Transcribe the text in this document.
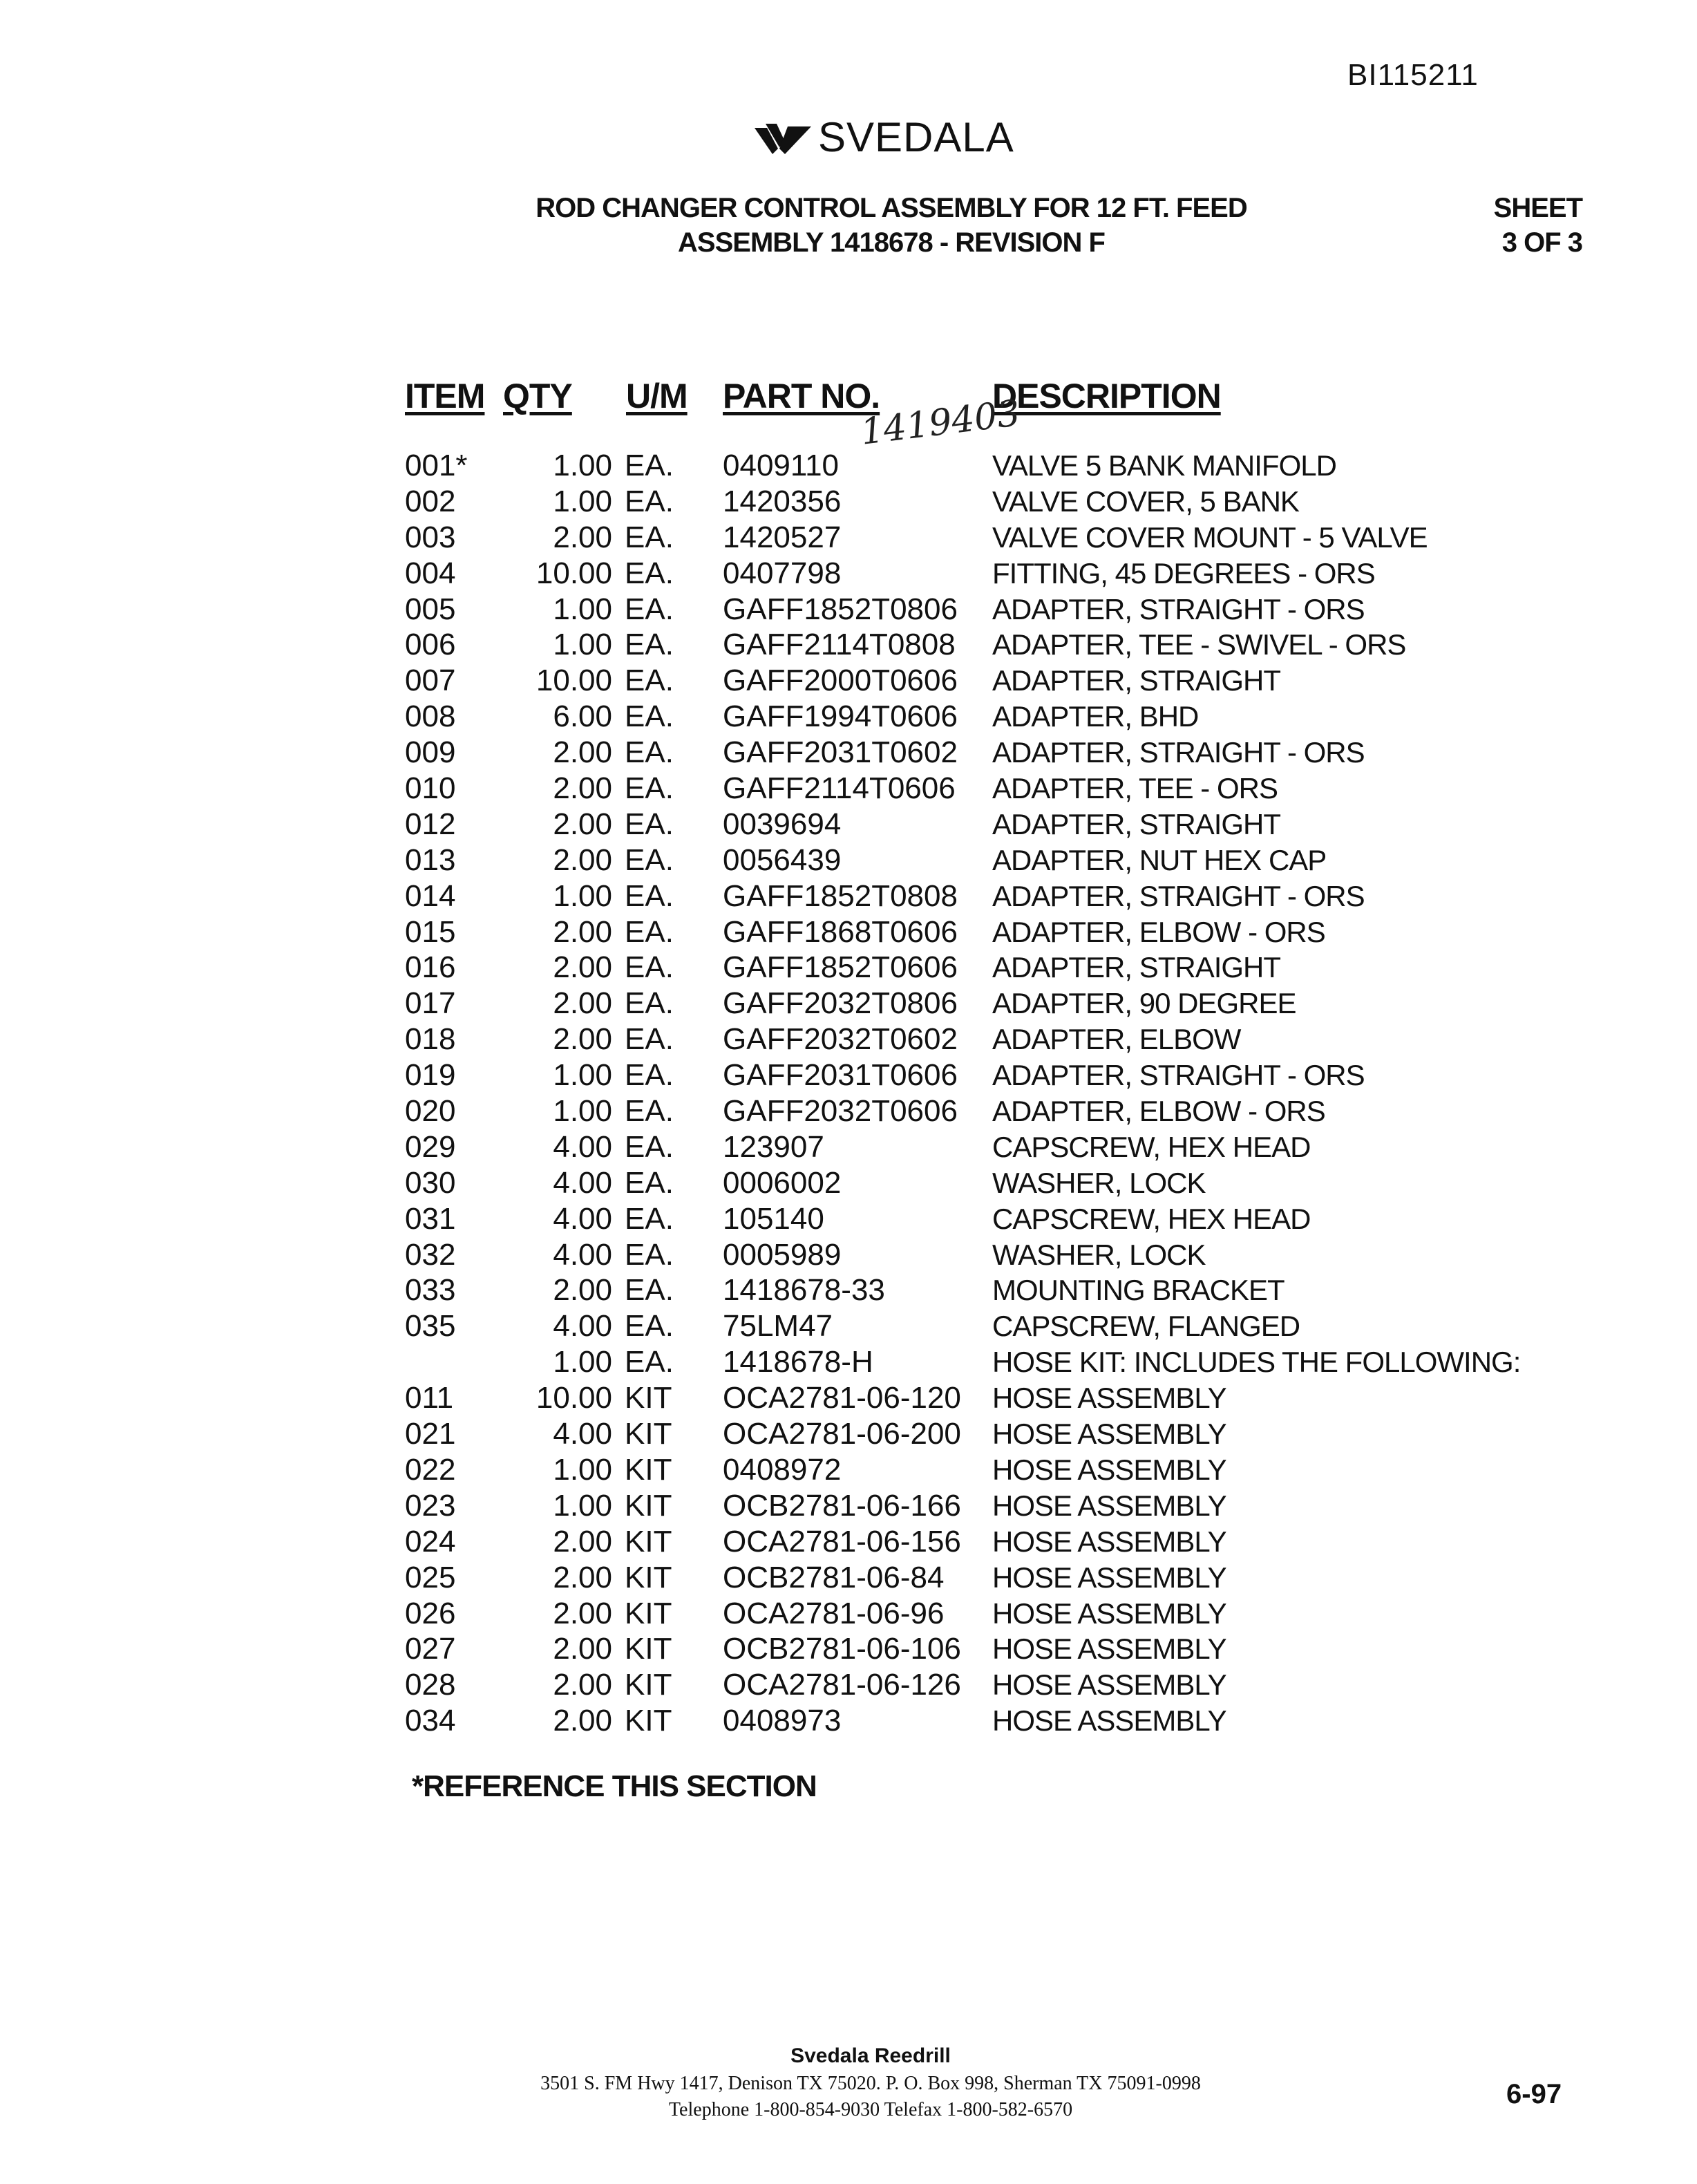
BI115211
SVEDALA
ROD CHANGER CONTROL ASSEMBLY FOR 12 FT. FEED
ASSEMBLY 1418678 - REVISION F
SHEET
3 OF 3
ITEM QTY U/M PART NO.	DESCRIPTION
1419403
001*	1.00 EA. 0409110	VALVE 5 BANK MANIFOLD
002	1.00 EA. 1420356	VALVE COVER, 5 BANK
003	2.00 EA. 1420527	VALVE COVER MOUNT - 5 VALVE
004	10.00 EA. 0407798	FITTING, 45 DEGREES - ORS
005	1.00 EA. GAFF1852T0806 ADAPTER, STRAIGHT - ORS
006	1.00 EA. GAFF2114T0808 ADAPTER, TEE - SWIVEL - ORS
007	10.00 EA. GAFF2000T0606 ADAPTER, STRAIGHT
008	6.00 EA. GAFF1994T0606 ADAPTER, BHD
009	2.00 EA. GAFF2031T0602 ADAPTER, STRAIGHT - ORS
010	2.00 EA. GAFF2114T0606 ADAPTER, TEE - ORS
012	2.00 EA. 0039694	ADAPTER, STRAIGHT
013	2.00 EA. 0056439	ADAPTER, NUT HEX CAP
014	1.00 EA. GAFF1852T0808 ADAPTER, STRAIGHT - ORS
015	2.00 EA. GAFF1868T0606 ADAPTER, ELBOW - ORS
016	2.00 EA. GAFF1852T0606 ADAPTER, STRAIGHT
017	2.00 EA. GAFF2032T0806 ADAPTER, 90 DEGREE
018	2.00 EA. GAFF2032T0602 ADAPTER, ELBOW
019	1.00 EA. GAFF2031T0606 ADAPTER, STRAIGHT - ORS
020	1.00 EA. GAFF2032T0606 ADAPTER, ELBOW - ORS
029	4.00 EA. 123907	CAPSCREW, HEX HEAD
030	4.00 EA. 0006002	WASHER, LOCK
031	4.00 EA. 105140	CAPSCREW, HEX HEAD
032	4.00 EA. 0005989	WASHER, LOCK
033	2.00 EA. 1418678-33	MOUNTING BRACKET
035	4.00 EA. 75LM47	CAPSCREW, FLANGED
1.00 EA. 1418678-H	HOSE KIT: INCLUDES THE FOLLOWING:
011	10.00 KIT OCA2781-06-120 HOSE ASSEMBLY
021	4.00 KIT OCA2781-06-200 HOSE ASSEMBLY
022	1.00 KIT 0408972	HOSE ASSEMBLY
023	1.00 KIT OCB2781-06-166 HOSE ASSEMBLY
024	2.00 KIT OCA2781-06-156 HOSE ASSEMBLY
025	2.00 KIT OCB2781-06-84 HOSE ASSEMBLY
026	2.00 KIT OCA2781-06-96 HOSE ASSEMBLY
027	2.00 KIT OCB2781-06-106 HOSE ASSEMBLY
028	2.00 KIT OCA2781-06-126 HOSE ASSEMBLY
034	2.00 KIT 0408973	HOSE ASSEMBLY
*REFERENCE THIS SECTION
Svedala Reedrill
3501 S. FM Hwy 1417, Denison TX 75020. P. O. Box 998, Sherman TX 75091-0998
Telephone 1-800-854-9030 Telefax 1-800-582-6570
6-97
